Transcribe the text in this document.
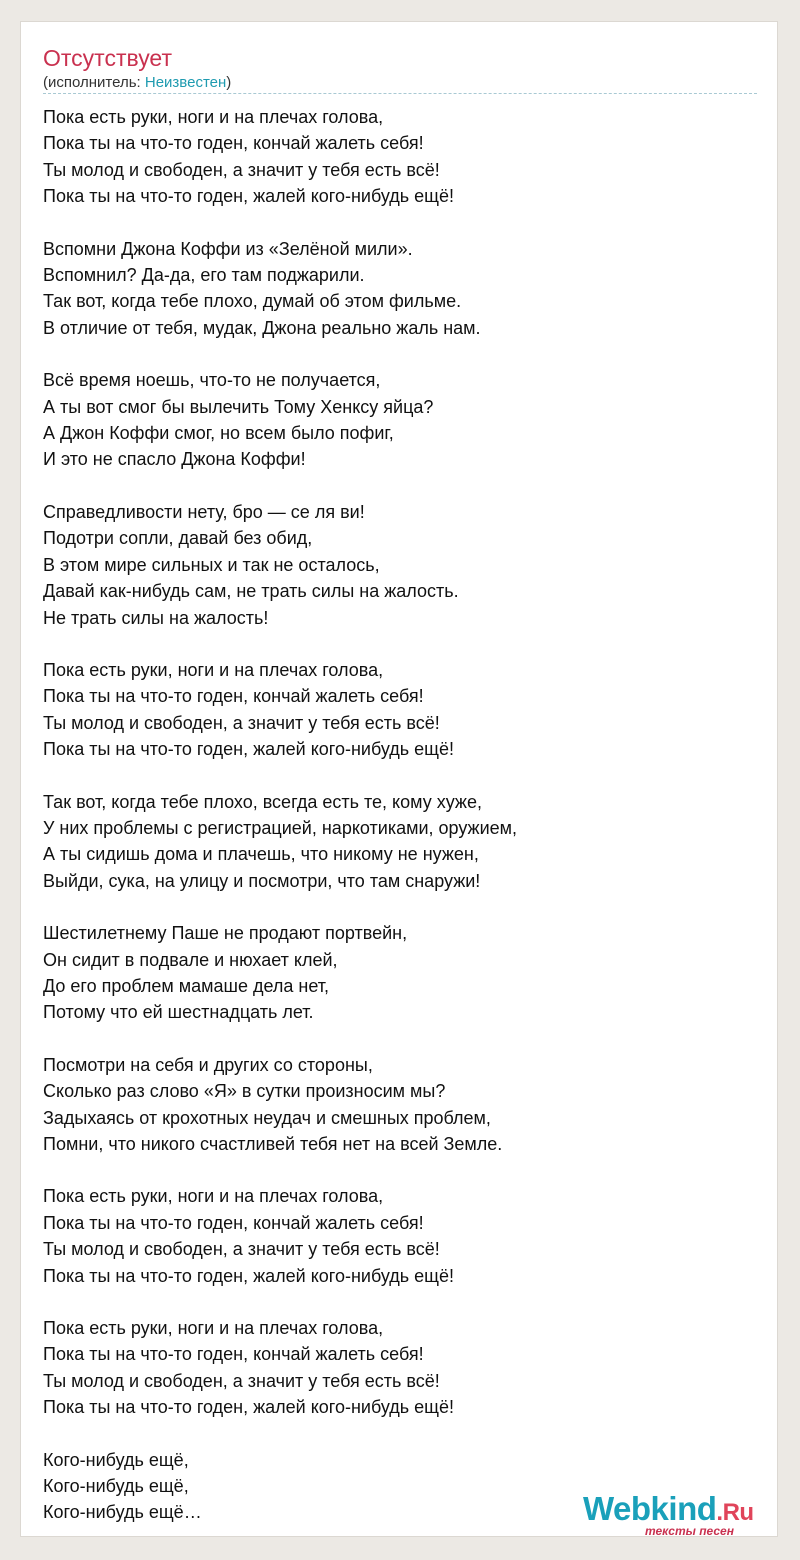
Отсутствует
(исполнитель: Неизвестен)
Пока есть руки, ноги и на плечах голова,
Пока ты на что-то годен, кончай жалеть себя!
Ты молод и свободен, а значит у тебя есть всё!
Пока ты на что-то годен, жалей кого-нибудь ещё!
Вспомни Джона Коффи из «Зелёной мили».
Вспомнил? Да-да, его там поджарили.
Так вот, когда тебе плохо, думай об этом фильме.
В отличие от тебя, мудак, Джона реально жаль нам.
Всё время ноешь, что-то не получается,
А ты вот смог бы вылечить Тому Хенксу яйца?
А Джон Коффи смог, но всем было пофиг,
И это не спасло Джона Коффи!
Справедливости нету, бро — се ля ви!
Подотри сопли, давай без обид,
В этом мире сильных и так не осталось,
Давай как-нибудь сам, не трать силы на жалость.
Не трать силы на жалость!
Пока есть руки, ноги и на плечах голова,
Пока ты на что-то годен, кончай жалеть себя!
Ты молод и свободен, а значит у тебя есть всё!
Пока ты на что-то годен, жалей кого-нибудь ещё!
Так вот, когда тебе плохо, всегда есть те, кому хуже,
У них проблемы с регистрацией, наркотиками, оружием,
А ты сидишь дома и плачешь, что никому не нужен,
Выйди, сука, на улицу и посмотри, что там снаружи!
Шестилетнему Паше не продают портвейн,
Он сидит в подвале и нюхает клей,
До его проблем мамаше дела нет,
Потому что ей шестнадцать лет.
Посмотри на себя и других со стороны,
Сколько раз слово «Я» в сутки произносим мы?
Задыхаясь от крохотных неудач и смешных проблем,
Помни, что никого счастливей тебя нет на всей Земле.
Пока есть руки, ноги и на плечах голова,
Пока ты на что-то годен, кончай жалеть себя!
Ты молод и свободен, а значит у тебя есть всё!
Пока ты на что-то годен, жалей кого-нибудь ещё!
Пока есть руки, ноги и на плечах голова,
Пока ты на что-то годен, кончай жалеть себя!
Ты молод и свободен, а значит у тебя есть всё!
Пока ты на что-то годен, жалей кого-нибудь ещё!
Кого-нибудь ещё,
Кого-нибудь ещё,
Кого-нибудь ещё…	Webkind.Ru
тексты песен
